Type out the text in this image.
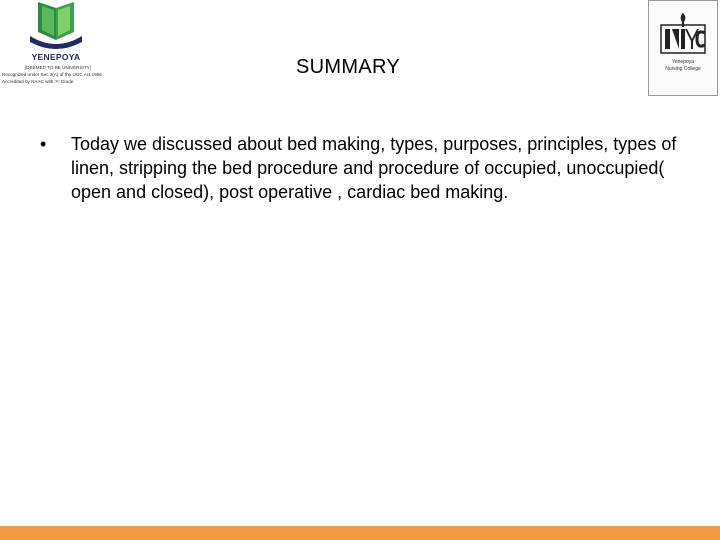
YENEPOYA
(DEEMED TO BE UNIVERSITY)
Recognized under Sec 3(A) of the UGC Act 1956
Accredited by NAAC with 'A' Grade
Yenepoya
Nursing College
SUMMARY
• Today we discussed about bed making, types, purposes, principles, types of linen, stripping the bed procedure and procedure of occupied, unoccupied( open and closed), post operative , cardiac bed making.
